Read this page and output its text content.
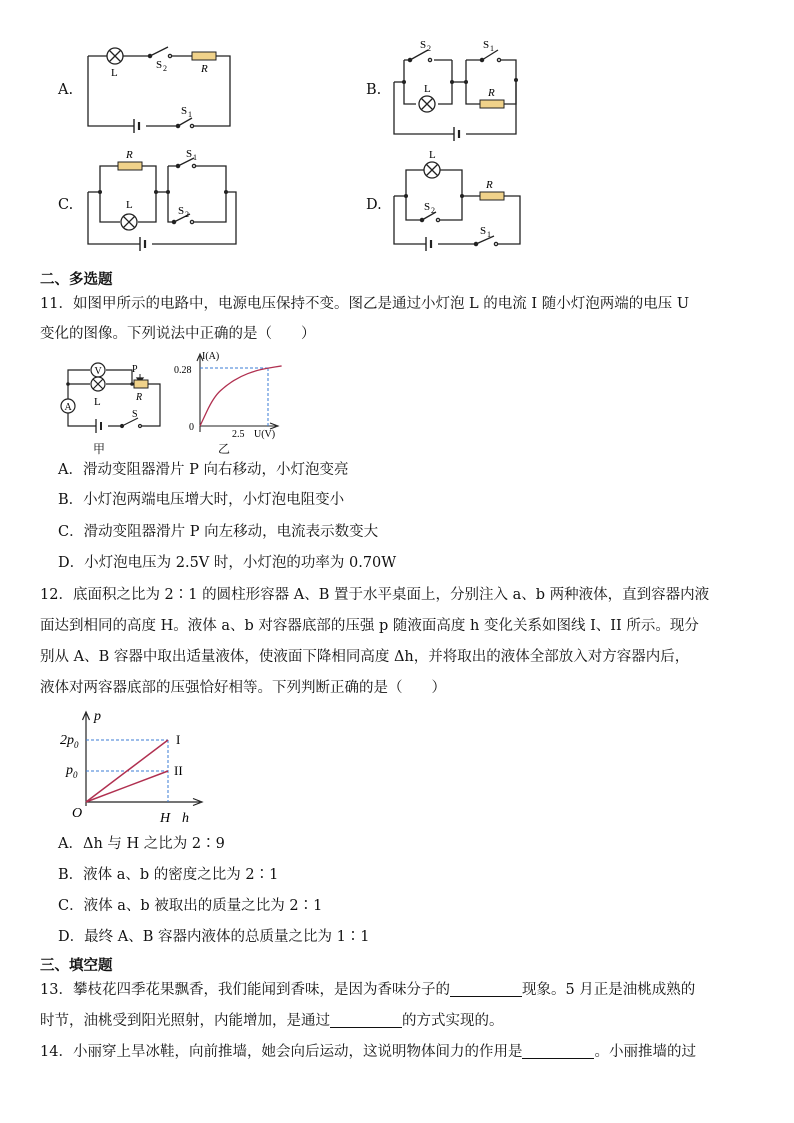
A.
L
S 2	R
S 1
B.
S 2
L
S 1
R
C.
R
L
S 1
S 2
D.
L
R
S 2
S 1
二、多选题
11．如图甲所示的电路中，电源电压保持不变。图乙是通过小灯泡 L 的电流 I 随小灯泡两端的电压 U
变化的图像。下列说法中正确的是（　　）
V
A L
P
R
S
甲
I(A)
0.28
0
2.5 U(V)
乙
A．滑动变阻器滑片 P 向右移动，小灯泡变亮
B．小灯泡两端电压增大时，小灯泡电阻变小
C．滑动变阻器滑片 P 向左移动，电流表示数变大
D．小灯泡电压为 2.5V 时，小灯泡的功率为 0.70W
12．底面积之比为 2∶1 的圆柱形容器 A、B 置于水平桌面上，分别注入 a、b 两种液体，直到容器内液
面达到相同的高度 H。液体 a、b 对容器底部的压强 p 随液面高度 h 变化关系如图线 I、II 所示。现分
别从 A、B 容器中取出适量液体，使液面下降相同高度 Δh，并将取出的液体全部放入对方容器内后，
液体对两容器底部的压强恰好相等。下列判断正确的是（　　）
p
$2p_0$
$p_0$
O	H h
I
II
A．Δh 与 H 之比为 2∶9
B．液体 a、b 的密度之比为 2∶1
C．液体 a、b 被取出的质量之比为 2∶1
D．最终 A、B 容器内液体的总质量之比为 1∶1
三、填空题
13．攀枝花四季花果飘香，我们能闻到香味，是因为香味分子的	现象。5 月正是油桃成熟的
时节，油桃受到阳光照射，内能增加，是通过	的方式实现的。
14．小丽穿上旱冰鞋，向前推墙，她会向后运动，这说明物体间力的作用是	。小丽推墙的过
